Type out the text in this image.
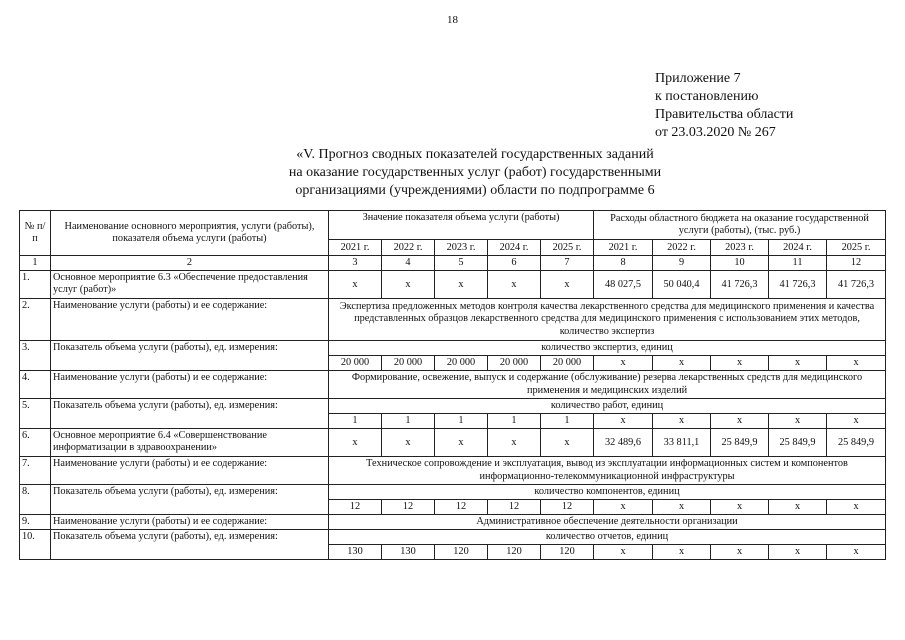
18
Приложение 7
к постановлению
Правительства области
от 23.03.2020 № 267
«V. Прогноз сводных показателей государственных заданий
на оказание государственных услуг (работ) государственными
организациями (учреждениями) области по подпрограмме 6
№ п/п	Наименование основного мероприятия, услуги (работы), показателя объема услуги (работы)	Значение показателя объема услуги (работы)					Расходы областного бюджета на оказание государственной услуги (работы), (тыс. руб.)				
		2021 г.	2022 г.	2023 г.	2024 г.	2025 г.	2021 г.	2022 г.	2023 г.	2024 г.	2025 г.
1	2	3	4	5	6	7	8	9	10	11	12
1.	Основное мероприятие 6.3 «Обеспечение предоставления услуг (работ)»	х	х	х	х	х	48 027,5	50 040,4	41 726,3	41 726,3	41 726,3
2.	Наименование услуги (работы) и ее содержание:	Экспертиза предложенных методов контроля качества лекарственного средства для медицинского применения и качества представленных образцов лекарственного средства для медицинского применения с использованием этих методов, количество экспертиз									
3.	Показатель объема услуги (работы), ед. измерения:	количество экспертиз, единиц									
		20 000	20 000	20 000	20 000	20 000	х	х	х	х	х
4.	Наименование услуги (работы) и ее содержание:	Формирование, освежение, выпуск и содержание (обслуживание) резерва лекарственных средств для медицинского применения и медицинских изделий									
5.	Показатель объема услуги (работы), ед. измерения:	количество работ, единиц									
		1	1	1	1	1	х	х	х	х	х
6.	Основное мероприятие 6.4 «Совершенствование информатизации в здравоохранении»	х	х	х	х	х	32 489,6	33 811,1	25 849,9	25 849,9	25 849,9
7.	Наименование услуги (работы) и ее содержание:	Техническое сопровождение и эксплуатация, вывод из эксплуатации информационных систем и компонентов информационно-телекоммуникационной инфраструктуры									
8.	Показатель объема услуги (работы), ед. измерения:	количество компонентов, единиц									
		12	12	12	12	12	х	х	х	х	х
9.	Наименование услуги (работы) и ее содержание:	Административное обеспечение деятельности организации									
10.	Показатель объема услуги (работы), ед. измерения:	количество отчетов, единиц									
		130	130	120	120	120	х	х	х	х	х
